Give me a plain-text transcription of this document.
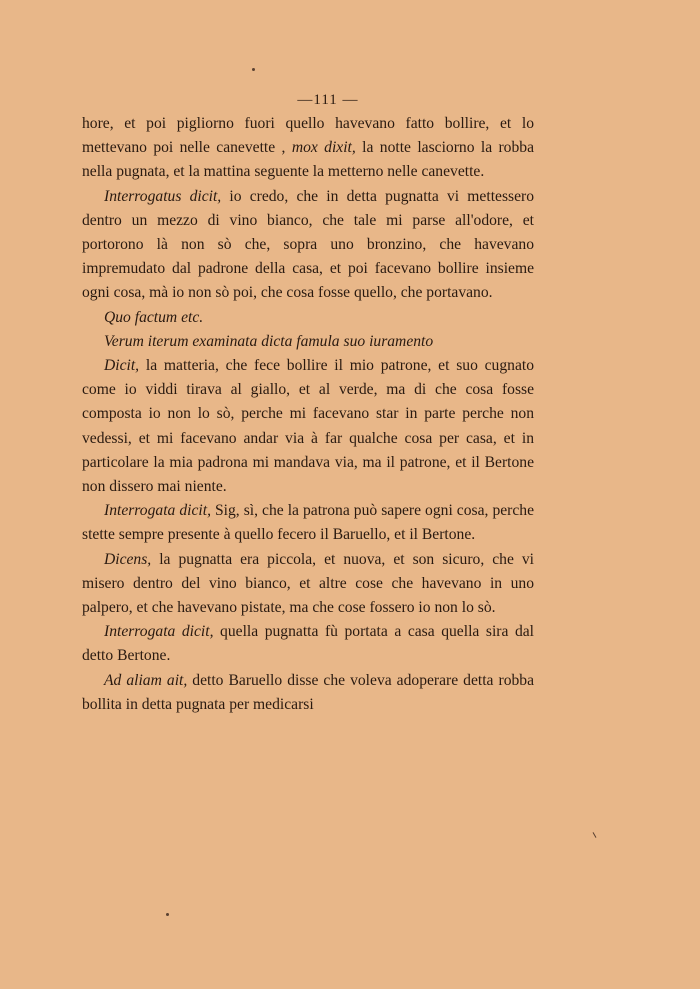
—111 —

hore, et poi pigliorno fuori quello havevano fatto bollire, et lo mettevano poi nelle canevette , mox dixit, la notte lasciorno la robba nella pugnata, et la mattina seguente la metterno nelle canevette.

Interrogatus dicit, io credo, che in detta pugnatta vi mettessero dentro un mezzo di vino bianco, che tale mi parse all'odore, et portorono là non sò che, sopra uno bronzino, che havevano impremudato dal padrone della casa, et poi facevano bollire insieme ogni cosa, mà io non sò poi, che cosa fosse quello, che portavano.

Quo factum etc.

Verum iterum examinata dicta famula suo iuramento

Dicit, la matteria, che fece bollire il mio patrone, et suo cugnato come io viddi tirava al giallo, et al verde, ma di che cosa fosse composta io non lo sò, perche mi facevano star in parte perche non vedessi, et mi facevano andar via à far qualche cosa per casa, et in particolare la mia padrona mi mandava via, ma il patrone, et il Bertone non dissero mai niente.

Interrogata dicit, Sig, sì, che la patrona può sapere ogni cosa, perche stette sempre presente à quello fecero il Baruello, et il Bertone.

Dicens, la pugnatta era piccola, et nuova, et son sicuro, che vi misero dentro del vino bianco, et altre cose che havevano in uno palpero, et che havevano pistate, ma che cose fossero io non lo sò.

Interrogata dicit, quella pugnatta fù portata a casa quella sira dal detto Bertone.

Ad aliam ait, detto Baruello disse che voleva adoperare detta robba bollita in detta pugnata per medicarsi
